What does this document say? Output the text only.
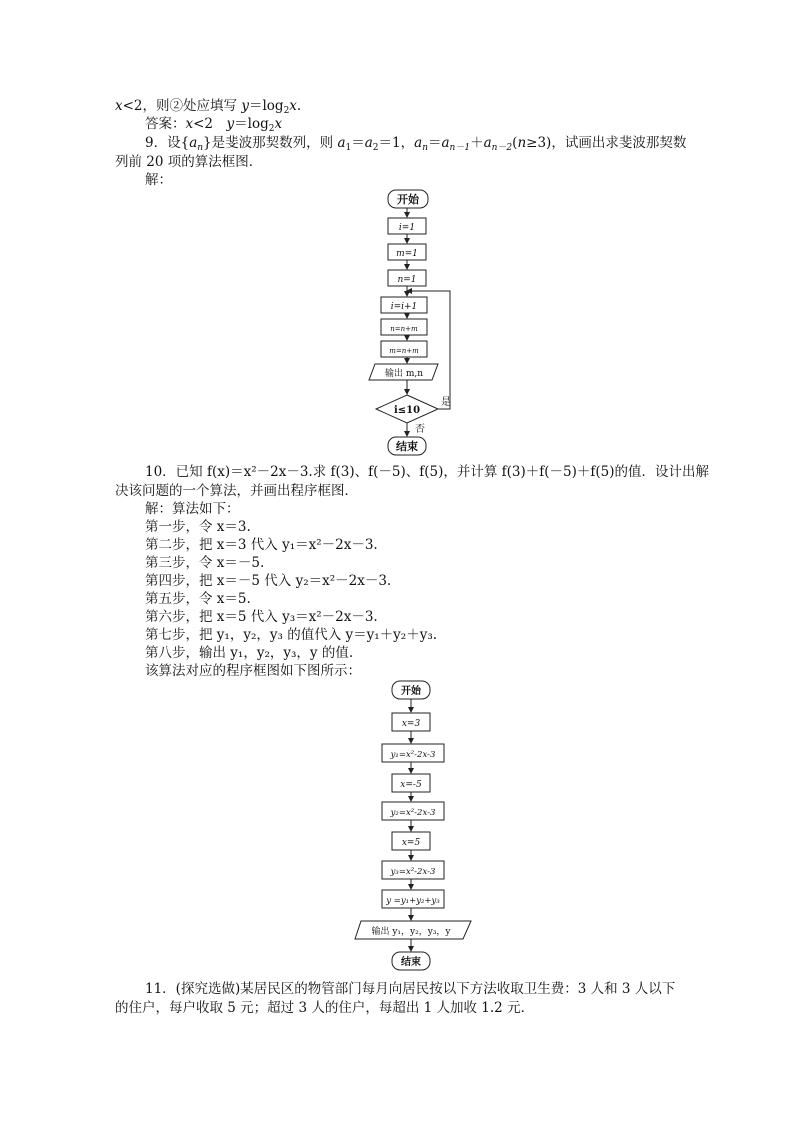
x<2，则②处应填写 $y=\log_2x$.
答案：x<2　$y=\log_2x$
9．设$\{a_n\}$是斐波那契数列，则 $a_1=a_2=1$，$a_n=a_{n-1}+a_{n-2}(n\ge 3)$，试画出求斐波那契数
列前 20 项的算法框图．
解：
开始
i=1
m=1
n=1
i=i+1
n=n+m
m=n+m
输出 m,n
i≤10
是
否
结束
开始
x=3
y₁=x²-2x-3
x=-5
y₂=x²-2x-3
x=5
y₃=x²-2x-3
y =y₁+y₂+y₃
输出 y₁，y₂，y₃，y
结束
10．已知 f(x)＝x²－2x－3.求 f(3)、f(－5)、f(5)，并计算 f(3)＋f(－5)＋f(5)的值．设计出解
决该问题的一个算法，并画出程序框图．
解：算法如下：
第一步，令 x＝3.
第二步，把 x＝3 代入 y₁＝x²－2x－3.
第三步，令 x＝－5.
第四步，把 x＝－5 代入 y₂＝x²－2x－3.
第五步，令 x＝5.
第六步，把 x＝5 代入 y₃＝x²－2x－3.
第七步，把 y₁，y₂，y₃ 的值代入 y＝y₁＋y₂＋y₃.
第八步，输出 y₁，y₂，y₃，y 的值.
该算法对应的程序框图如下图所示：
11．(探究选做)某居民区的物管部门每月向居民按以下方法收取卫生费：3 人和 3 人以下
的住户，每户收取 5 元；超过 3 人的住户，每超出 1 人加收 1.2 元．
